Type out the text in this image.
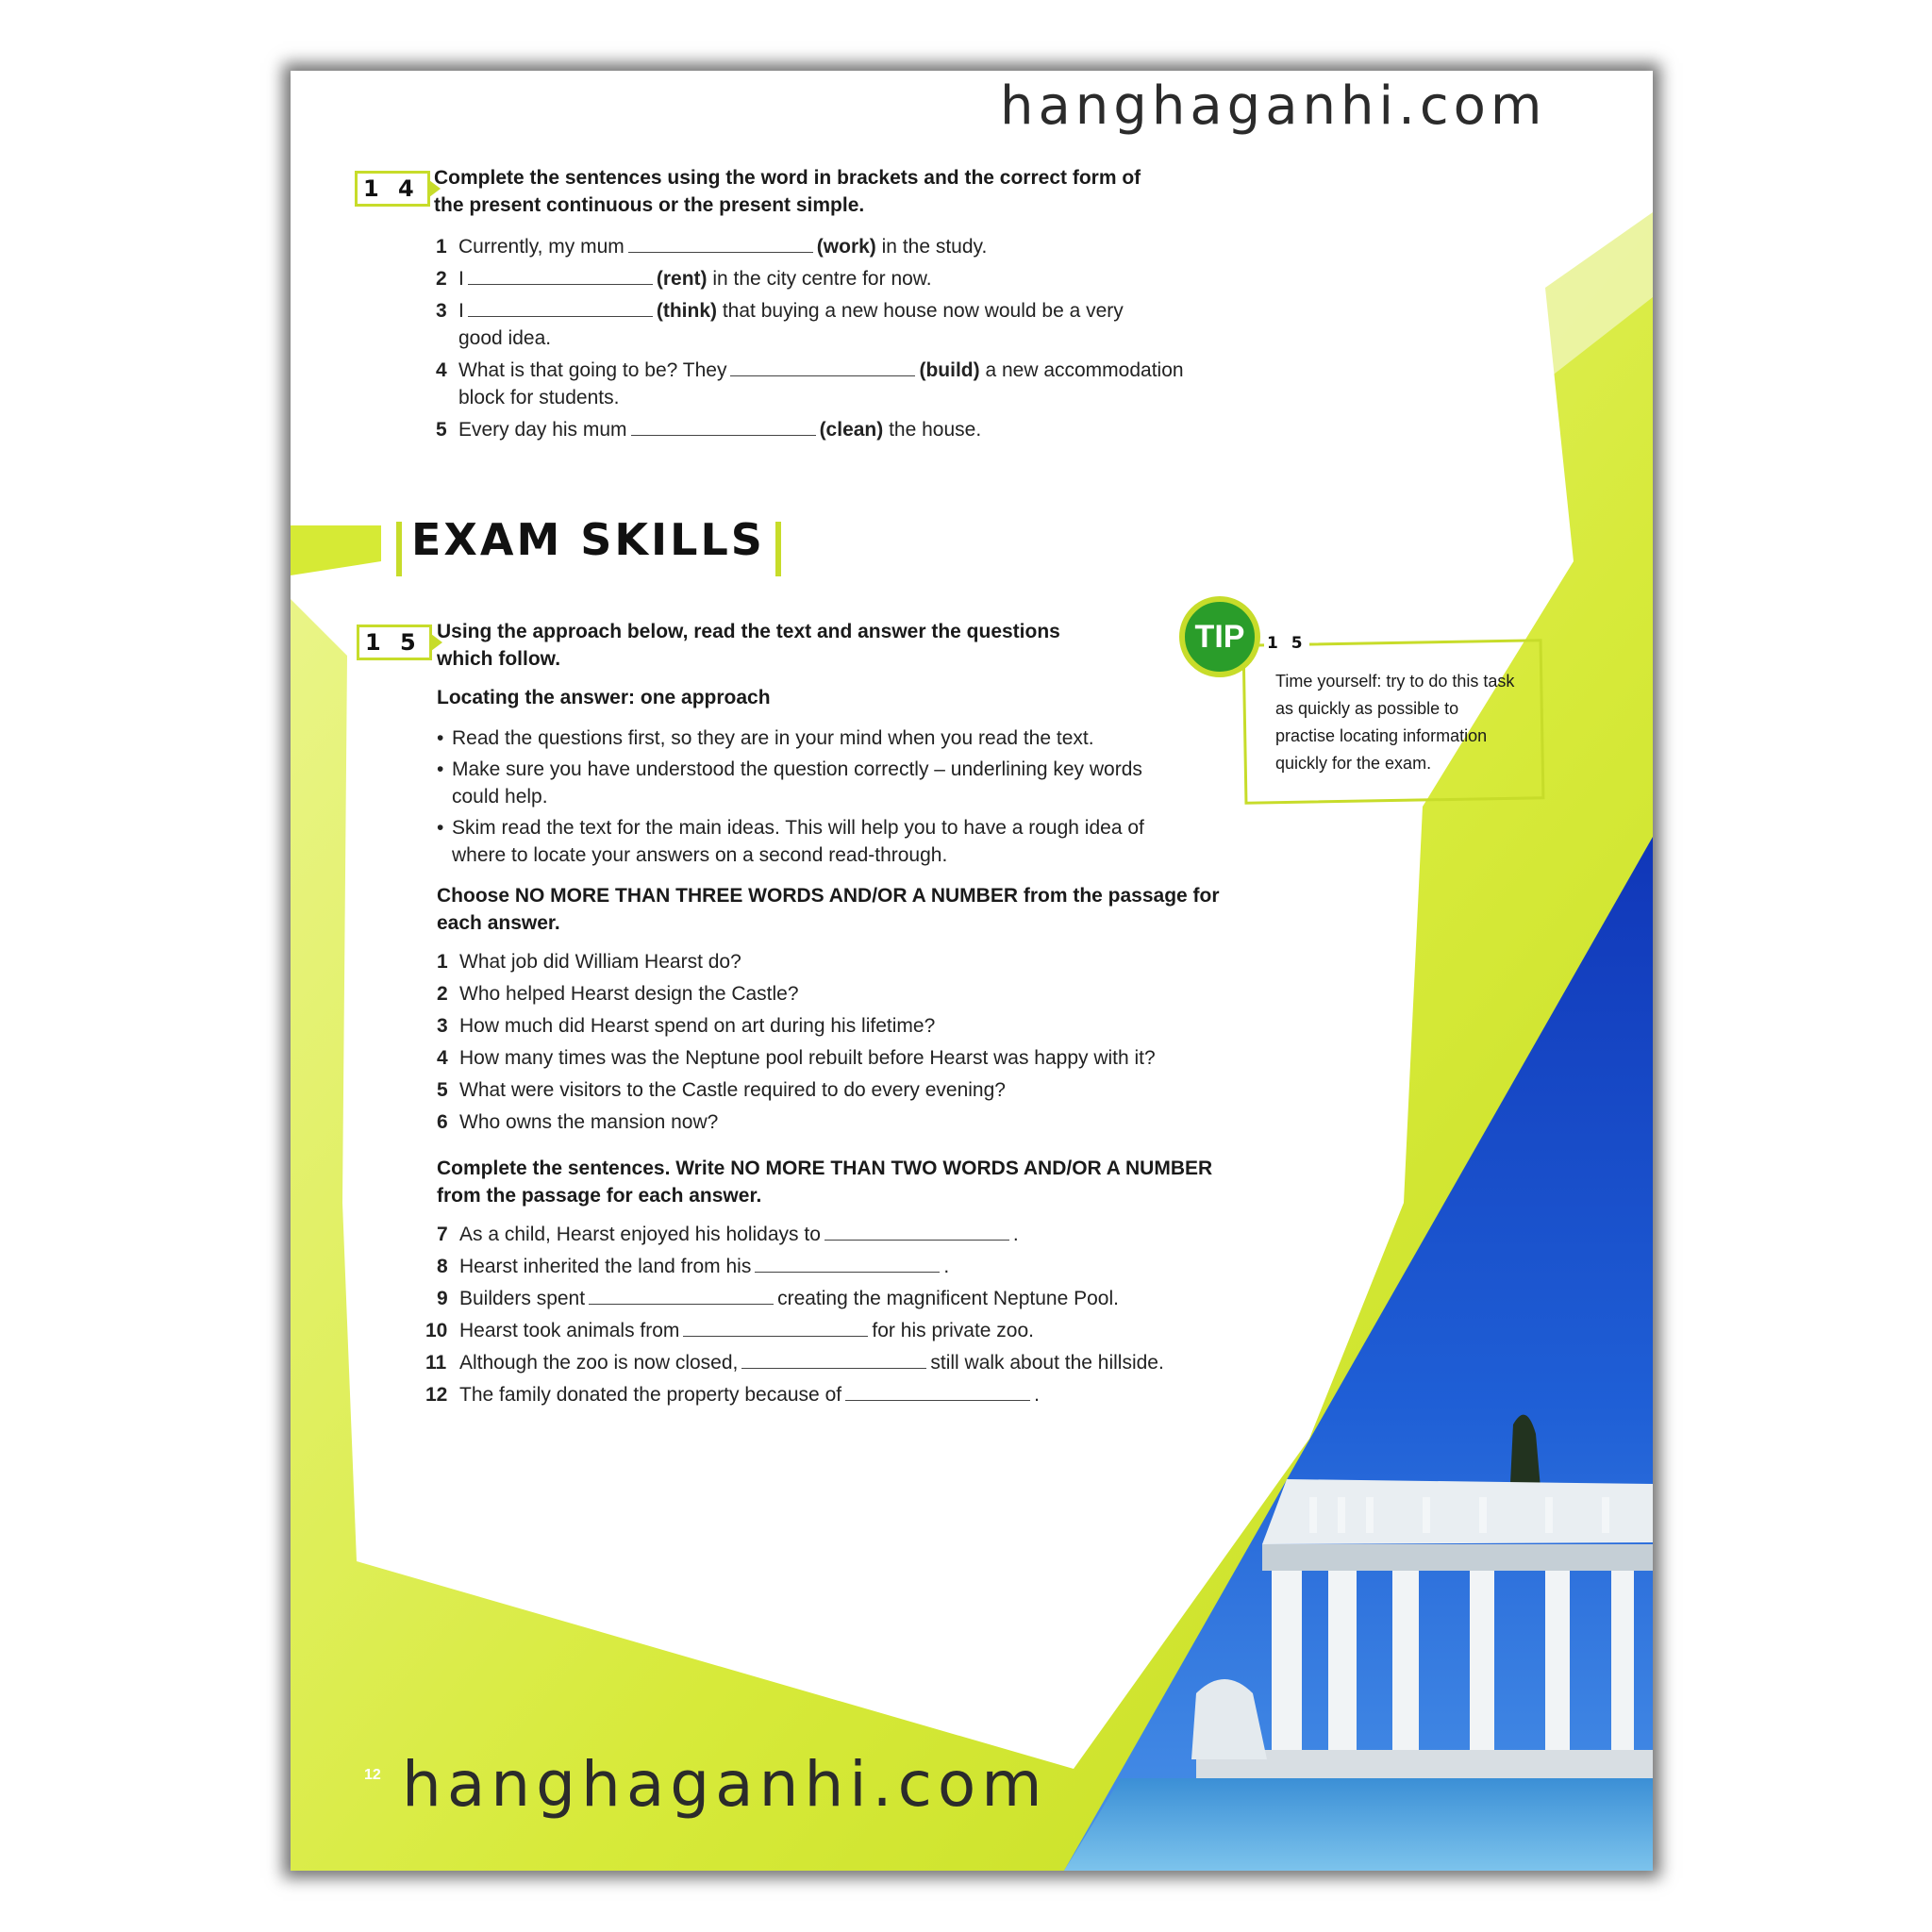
hanghaganhi.com
1 4 Complete the sentences using the word in brackets and the correct form of the present continuous or the present simple.
1 Currently, my mum	(work) in the study.
2 I	(rent) in the city centre for now.
3 I	(think) that buying a new house now would be a very
good idea.
4 What is that going to be? They	(build) a new accommodation
block for students.
5 Every day his mum	(clean) the house.
EXAM SKILLS
1 5 Using the approach below, read the text and answer the questions which follow.
Locating the answer: one approach
• Read the questions first, so they are in your mind when you read the text.
• Make sure you have understood the question correctly – underlining key words could help.
• Skim read the text for the main ideas. This will help you to have a rough idea of where to locate your answers on a second read-through.
Choose NO MORE THAN THREE WORDS AND/OR A NUMBER from the passage for each answer.
1 What job did William Hearst do?
2 Who helped Hearst design the Castle?
3 How much did Hearst spend on art during his lifetime?
4 How many times was the Neptune pool rebuilt before Hearst was happy with it?
5 What were visitors to the Castle required to do every evening?
6 Who owns the mansion now?
Complete the sentences. Write NO MORE THAN TWO WORDS AND/OR A NUMBER from the passage for each answer.
7 As a child, Hearst enjoyed his holidays to	.
8 Hearst inherited the land from his	.
9 Builders spent	creating the magnificent Neptune Pool.
10 Hearst took animals from	for his private zoo.
11 Although the zoo is now closed,	still walk about the hillside.
12 The family donated the property because of	.
TIP	1 5
Time yourself: try to do this task as quickly as possible to practise locating information quickly for the exam.
12 hanghaganhi.com
